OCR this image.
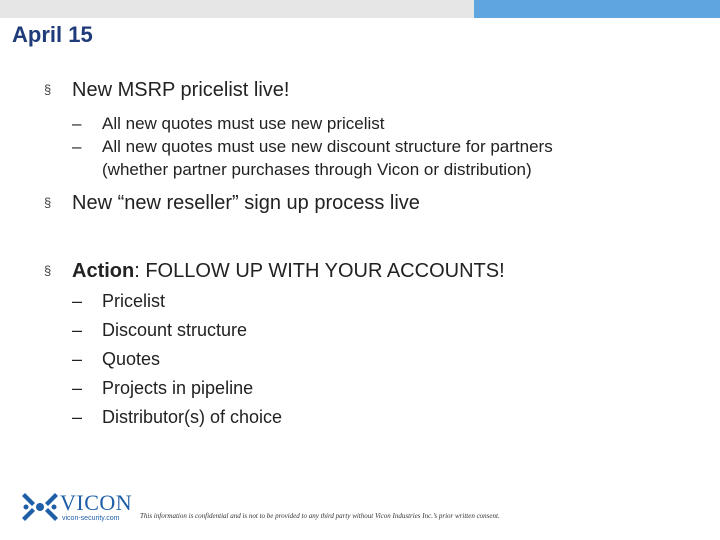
April 15
§ New MSRP pricelist live!
– All new quotes must use new pricelist
– All new quotes must use new discount structure for partners
(whether partner purchases through Vicon or distribution)
§ New “new reseller” sign up process live
§ Action: FOLLOW UP WITH YOUR ACCOUNTS!
– Pricelist
– Discount structure
– Quotes
– Projects in pipeline
– Distributor(s) of choice
VICON
vicon-security.com	This information is confidential and is not to be provided to any third party without Vicon Industries Inc.’s prior written consent.
